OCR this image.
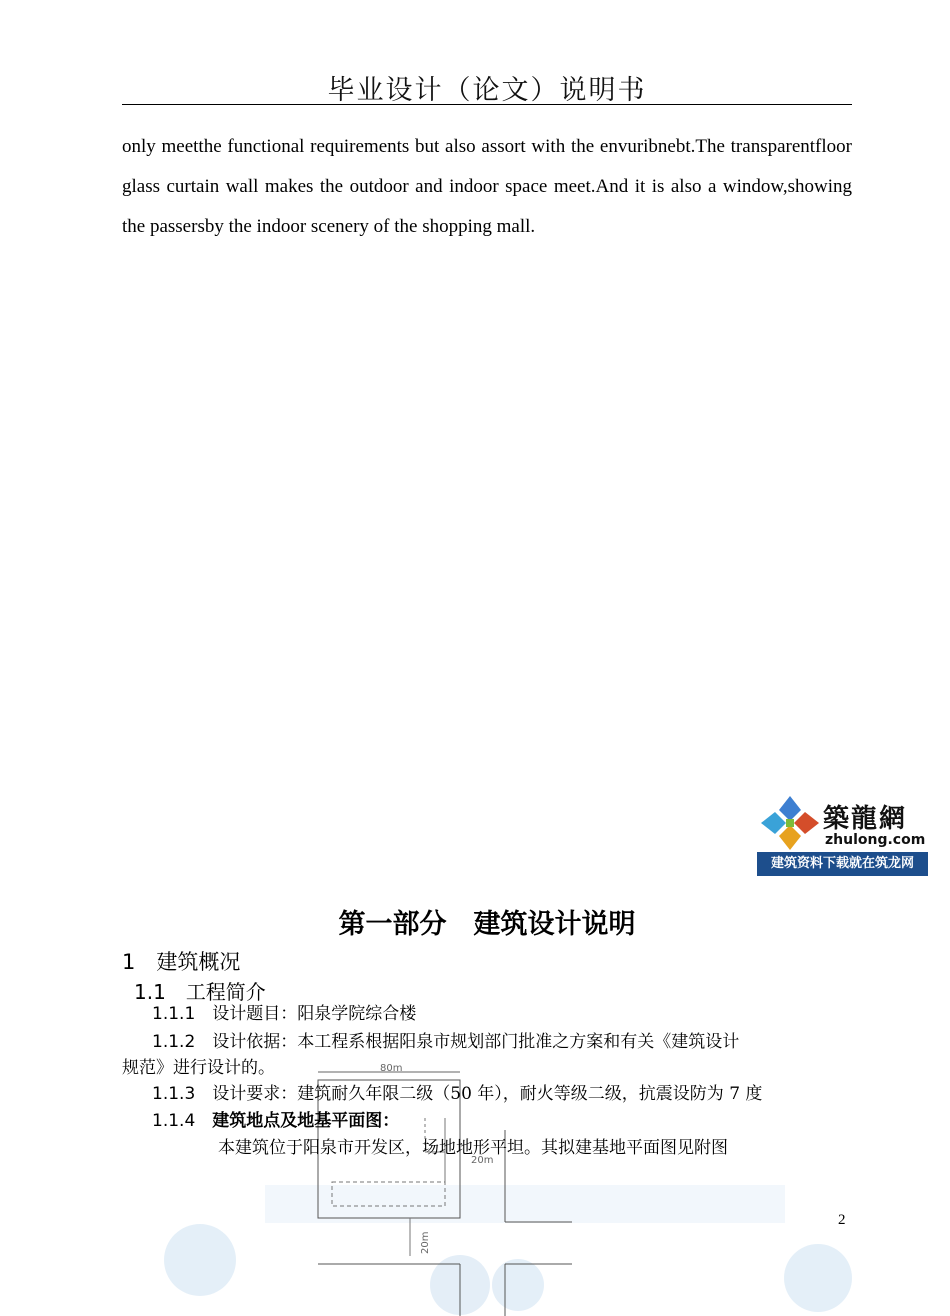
毕业设计（论文）说明书

only meetthe functional requirements but also assort with the envuribnebt.The transparentfloor glass curtain wall makes the outdoor and indoor space meet.And it is also a window,showing the passersby the indoor scenery of the shopping mall.

築龍網
zhulong.com
建筑资料下载就在筑龙网
80m
20m
20m
第一部分　建筑设计说明
1　 建筑概况
1.1　 工程简介
1.1.1　 设计题目：阳泉学院综合楼
1.1.2　 设计依据：本工程系根据阳泉市规划部门批准之方案和有关《建筑设计
规范》进行设计的。
1.1.3　 设计要求：建筑耐久年限二级（50 年），耐火等级二级，抗震设防为 7 度
1.1.4　 建筑地点及地基平面图：
本建筑位于阳泉市开发区，场地地形平坦。其拟建基地平面图见附图
2
